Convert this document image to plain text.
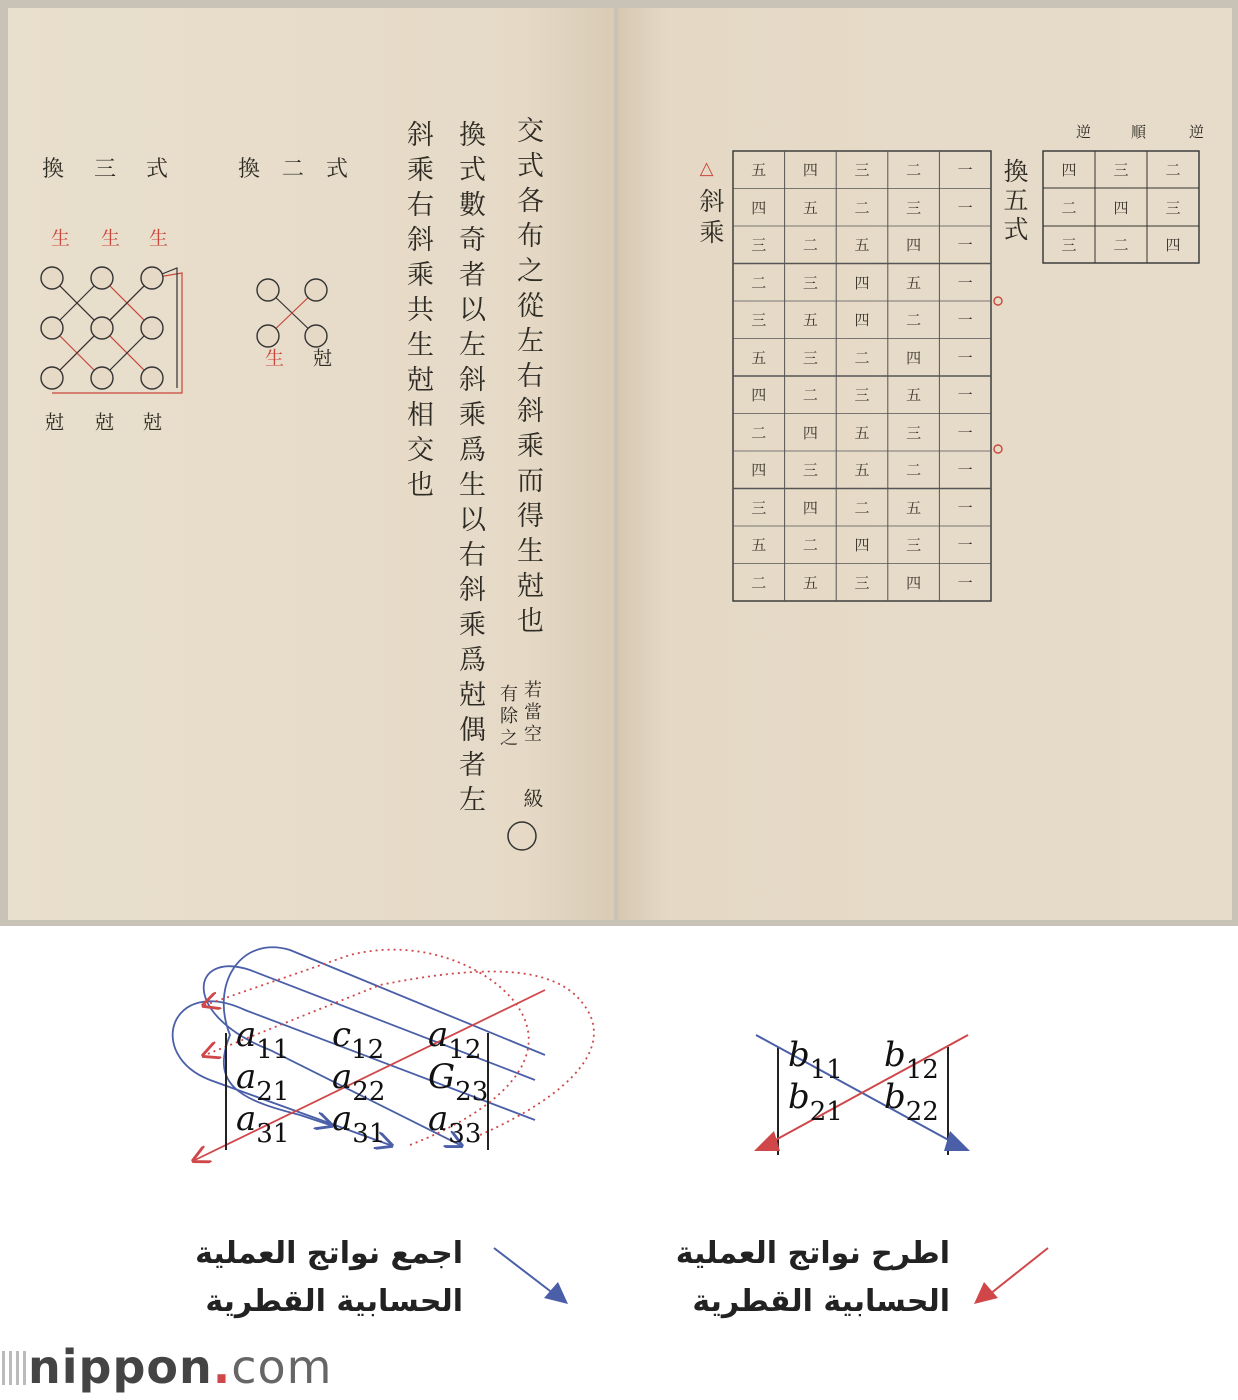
交式各布之從左右斜乘而得生尅也
若當空
有除之
級
換式數奇者以左斜乘爲生以右斜乘爲尅偶者左
斜乘右斜乘共生尅相交也
換二式
換三式
生 生 生
尅 尅 尅
生 尅
逆
順
逆
二
三
四
三
四
二
四
二
三
換五式
一
二
三
四
五
一
三
二
五
四
一
四
五
二
三
一
五
四
三
二
一
二
四
五
三
一
四
二
三
五
一
五
三
二
四
一
三
五
四
二
一
二
五
三
四
一
五
二
四
三
一
三
四
二
五
一
四
三
五
二
△
斜乘
$a_{11}$ $c_{12}$ $a_{12}$
$a_{21}$ $a_{22}$ $G_{23}$
$a_{31}$ $a_{31}$ $a_{33}$
$b_{11}$ $b_{12}$
$b_{21}$ $b_{22}$
اجمع نواتج العملية
الحسابية القطرية
اطرح نواتج العملية
الحسابية القطرية
nippon.com
